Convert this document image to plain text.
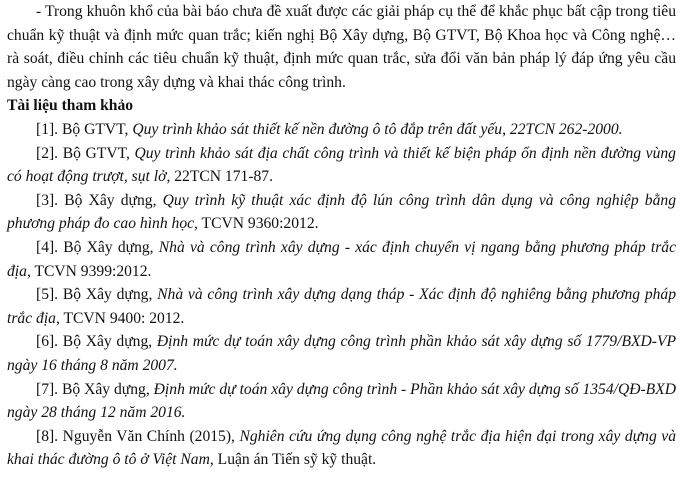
- Trong khuôn khổ của bài báo chưa đề xuất được các giải pháp cụ thể để khắc phục bất cập trong tiêu chuẩn kỹ thuật và định mức quan trắc; kiến nghị Bộ Xây dựng, Bộ GTVT, Bộ Khoa học và Công nghệ… rà soát, điều chỉnh các tiêu chuẩn kỹ thuật, định mức quan trắc, sửa đổi văn bản pháp lý đáp ứng yêu cầu ngày càng cao trong xây dựng và khai thác công trình.

Tài liệu tham khảo

[1]. Bộ GTVT, Quy trình khảo sát thiết kế nền đường ô tô đắp trên đất yếu, 22TCN 262-2000.

[2]. Bộ GTVT, Quy trình khảo sát địa chất công trình và thiết kế biện pháp ổn định nền đường vùng có hoạt động trượt, sụt lở, 22TCN 171-87.

[3]. Bộ Xây dựng, Quy trình kỹ thuật xác định độ lún công trình dân dụng và công nghiệp bằng phương pháp đo cao hình học, TCVN 9360:2012.

[4]. Bộ Xây dựng, Nhà và công trình xây dựng - xác định chuyển vị ngang bằng phương pháp trắc địa, TCVN 9399:2012.

[5]. Bộ Xây dựng, Nhà và công trình xây dựng dạng tháp - Xác định độ nghiêng bằng phương pháp trắc địa, TCVN 9400: 2012.

[6]. Bộ Xây dựng, Định mức dự toán xây dựng công trình phần khảo sát xây dựng số 1779/BXD-VP ngày 16 tháng 8 năm 2007.

[7]. Bộ Xây dựng, Định mức dự toán xây dựng công trình - Phần khảo sát xây dựng số 1354/QĐ-BXD ngày 28 tháng 12 năm 2016.

[8]. Nguyễn Văn Chính (2015), Nghiên cứu ứng dụng công nghệ trắc địa hiện đại trong xây dựng và khai thác đường ô tô ở Việt Nam, Luận án Tiến sỹ kỹ thuật.
